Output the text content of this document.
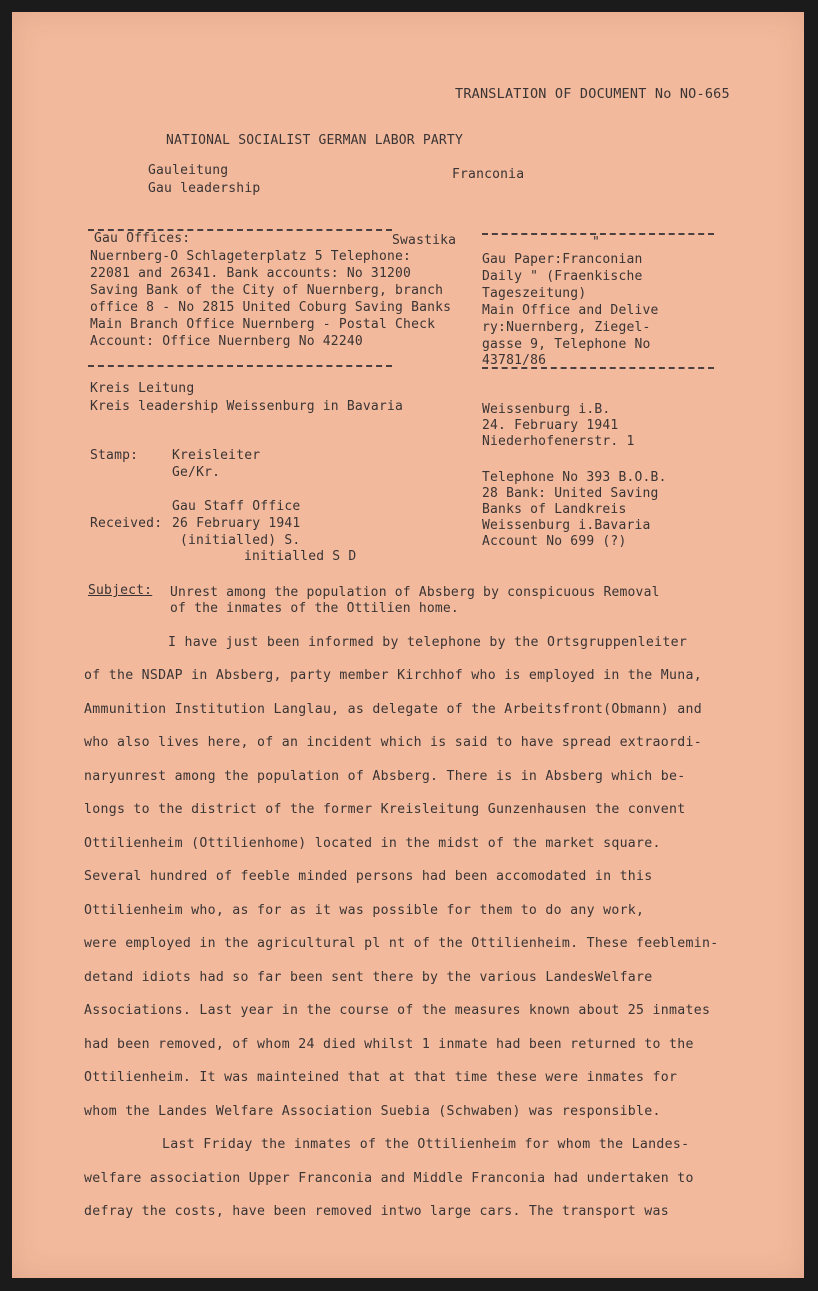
TRANSLATION OF DOCUMENT No NO-665
NATIONAL SOCIALIST GERMAN LABOR PARTY
Gauleitung
Gau leadership
Franconia
Gau Offices:	Swastika
Nuernberg-O Schlageterplatz 5 Telephone:
22081 and 26341. Bank accounts: No 31200
Saving Bank of the City of Nuernberg, branch
office 8 - No 2815 United Coburg Saving Banks
Main Branch Office Nuernberg - Postal Check
Account: Office Nuernberg No 42240
"
Gau Paper:Franconian
Daily " (Fraenkische
Tageszeitung)
Main Office and Delive
ry:Nuernberg, Ziegel-
gasse 9, Telephone No
43781/86
Kreis Leitung
Kreis leadership Weissenburg in Bavaria	Weissenburg i.B.
24. February 1941
Niederhofenerstr. 1
Stamp:	Kreisleiter
Ge/Kr.
Gau Staff Office
Received: 26 February 1941
(initialled) S.
initialled S D
Telephone No 393 B.O.B.
28 Bank: United Saving
Banks of Landkreis
Weissenburg i.Bavaria
Account No 699 (?)
Subject: Unrest among the population of Absberg by conspicuous Removal
of the inmates of the Ottilien home.
I have just been informed by telephone by the Ortsgruppenleiter
of the NSDAP in Absberg, party member Kirchhof who is employed in the Muna,
Ammunition Institution Langlau, as delegate of the Arbeitsfront(Obmann) and
who also lives here, of an incident which is said to have spread extraordi-
naryunrest among the population of Absberg. There is in Absberg which be-
longs to the district of the former Kreisleitung Gunzenhausen the convent
Ottilienheim (Ottilienhome) located in the midst of the market square.
Several hundred of feeble minded persons had been accomodated in this
Ottilienheim who, as for as it was possible for them to do any work,
were employed in the agricultural pl nt of the Ottilienheim. These feeblemin-
detand idiots had so far been sent there by the various LandesWelfare
Associations. Last year in the course of the measures known about 25 inmates
had been removed, of whom 24 died whilst 1 inmate had been returned to the
Ottilienheim. It was mainteined that at that time these were inmates for
whom the Landes Welfare Association Suebia (Schwaben) was responsible.
Last Friday the inmates of the Ottilienheim for whom the Landes-
welfare association Upper Franconia and Middle Franconia had undertaken to
defray the costs, have been removed intwo large cars. The transport was
